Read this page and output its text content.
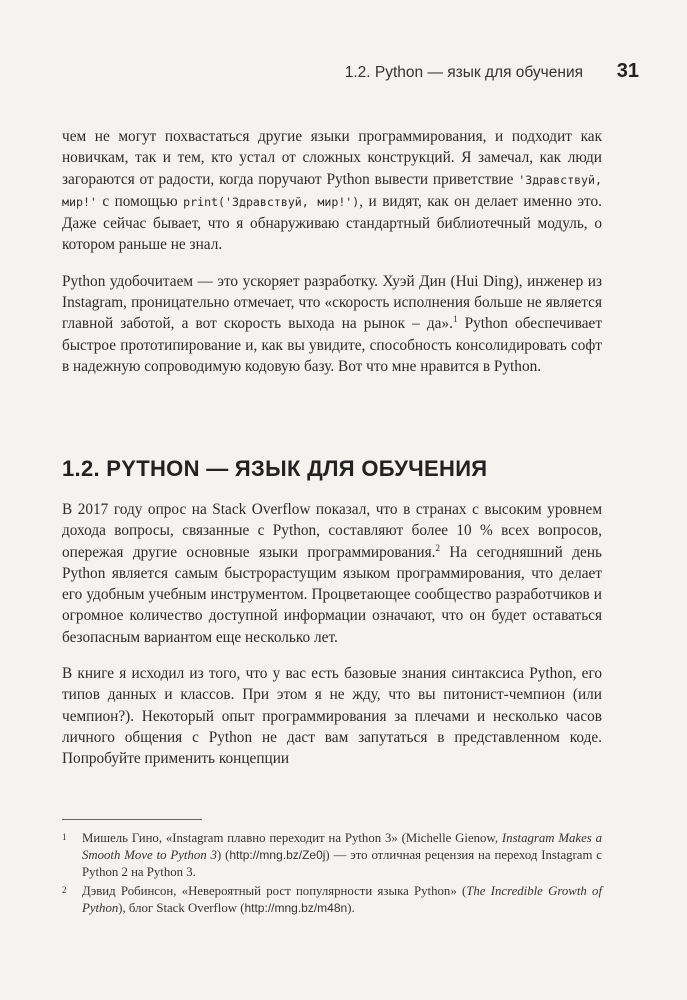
1.2. Python — язык для обучения 31

чем не могут похвастаться другие языки программирования, и подходит как новичкам, так и тем, кто устал от сложных конструкций. Я замечал, как люди загораются от радости, когда поручают Python вывести приветствие 'Здравствуй, мир!' с помощью print('Здравствуй, мир!'), и видят, как он делает именно это. Даже сейчас бывает, что я обнаруживаю стандартный библиотечный модуль, о котором раньше не знал.

Python удобочитаем — это ускоряет разработку. Хуэй Дин (Hui Ding), инженер из Instagram, проницательно отмечает, что «скорость исполнения больше не является главной заботой, а вот скорость выхода на рынок – да».$^1$ Python обеспечивает быстрое прототипирование и, как вы увидите, способность консолидировать софт в надежную сопроводимую кодовую базу. Вот что мне нравится в Python.

1.2. PYTHON — ЯЗЫК ДЛЯ ОБУЧЕНИЯ

В 2017 году опрос на Stack Overflow показал, что в странах с высоким уровнем дохода вопросы, связанные с Python, составляют более 10 % всех вопросов, опережая другие основные языки программирования.$^2$ На сегодняшний день Python является самым быстрорастущим языком программирования, что делает его удобным учебным инструментом. Процветающее сообщество разработчиков и огромное количество доступной информации означают, что он будет оставаться безопасным вариантом еще несколько лет.

В книге я исходил из того, что у вас есть базовые знания синтаксиса Python, его типов данных и классов. При этом я не жду, что вы питонист-чемпион (или чемпион?). Некоторый опыт программирования за плечами и несколько часов личного общения с Python не даст вам запутаться в представленном коде. Попробуйте применить концепции

1	Мишель Гино, «Instagram плавно переходит на Python 3» (Michelle Gienow, Instagram Makes a Smooth Move to Python 3) (http://mng.bz/Ze0j) — это отличная рецензия на переход Instagram с Python 2 на Python 3.
2	Дэвид Робинсон, «Невероятный рост популярности языка Python» (The Incredible Growth of Python), блог Stack Overflow (http://mng.bz/m48n).
